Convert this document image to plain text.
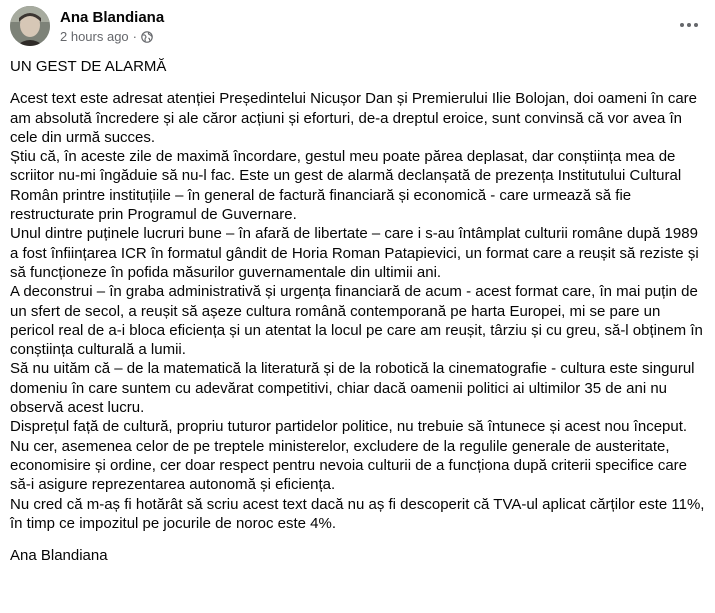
Ana Blandiana
2 hours ago ·

UN GEST DE ALARMĂ

Acest text este adresat atenției Președintelui Nicușor Dan și Premierului Ilie Bolojan, doi oameni în care am absolută încredere și ale căror acțiuni și eforturi, de-a dreptul eroice, sunt convinsă că vor avea în cele din urmă succes.

Știu că, în aceste zile de maximă încordare, gestul meu poate părea deplasat, dar conștiința mea de scriitor nu-mi îngăduie să nu-l fac. Este un gest de alarmă declanșată de prezența Institutului Cultural Român printre instituțiile – în general de factură financiară și economică - care urmează să fie restructurate prin Programul de Guvernare.

Unul dintre puținele lucruri bune – în afară de libertate – care i s-au întâmplat culturii române după 1989 a fost înființarea ICR în formatul gândit de Horia Roman Patapievici, un format care a reușit să reziste și să funcționeze în pofida măsurilor guvernamentale din ultimii ani.

A deconstrui – în graba administrativă și urgența financiară de acum - acest format care, în mai puțin de un sfert de secol, a reușit să așeze cultura română contemporană pe harta Europei, mi se pare un pericol real de a-i bloca eficiența și un atentat la locul pe care am reușit, târziu și cu greu, să-l obținem în conștiința culturală a lumii.

Să nu uităm că – de la matematică la literatură și de la robotică la cinematografie - cultura este singurul domeniu în care suntem cu adevărat competitivi, chiar dacă oamenii politici ai ultimilor 35 de ani nu observă acest lucru.

Disprețul față de cultură, propriu tuturor partidelor politice, nu trebuie să întunece și acest nou început.

Nu cer, asemenea celor de pe treptele ministerelor, excludere de la regulile generale de austeritate, economisire și ordine, cer doar respect pentru nevoia culturii de a funcționa după criterii specifice care să-i asigure reprezentarea autonomă și eficiența.

Nu cred că m-aș fi hotărât să scriu acest text dacă nu aș fi descoperit că TVA-ul aplicat cărților este 11%, în timp ce impozitul pe jocurile de noroc este 4%.

Ana Blandiana
